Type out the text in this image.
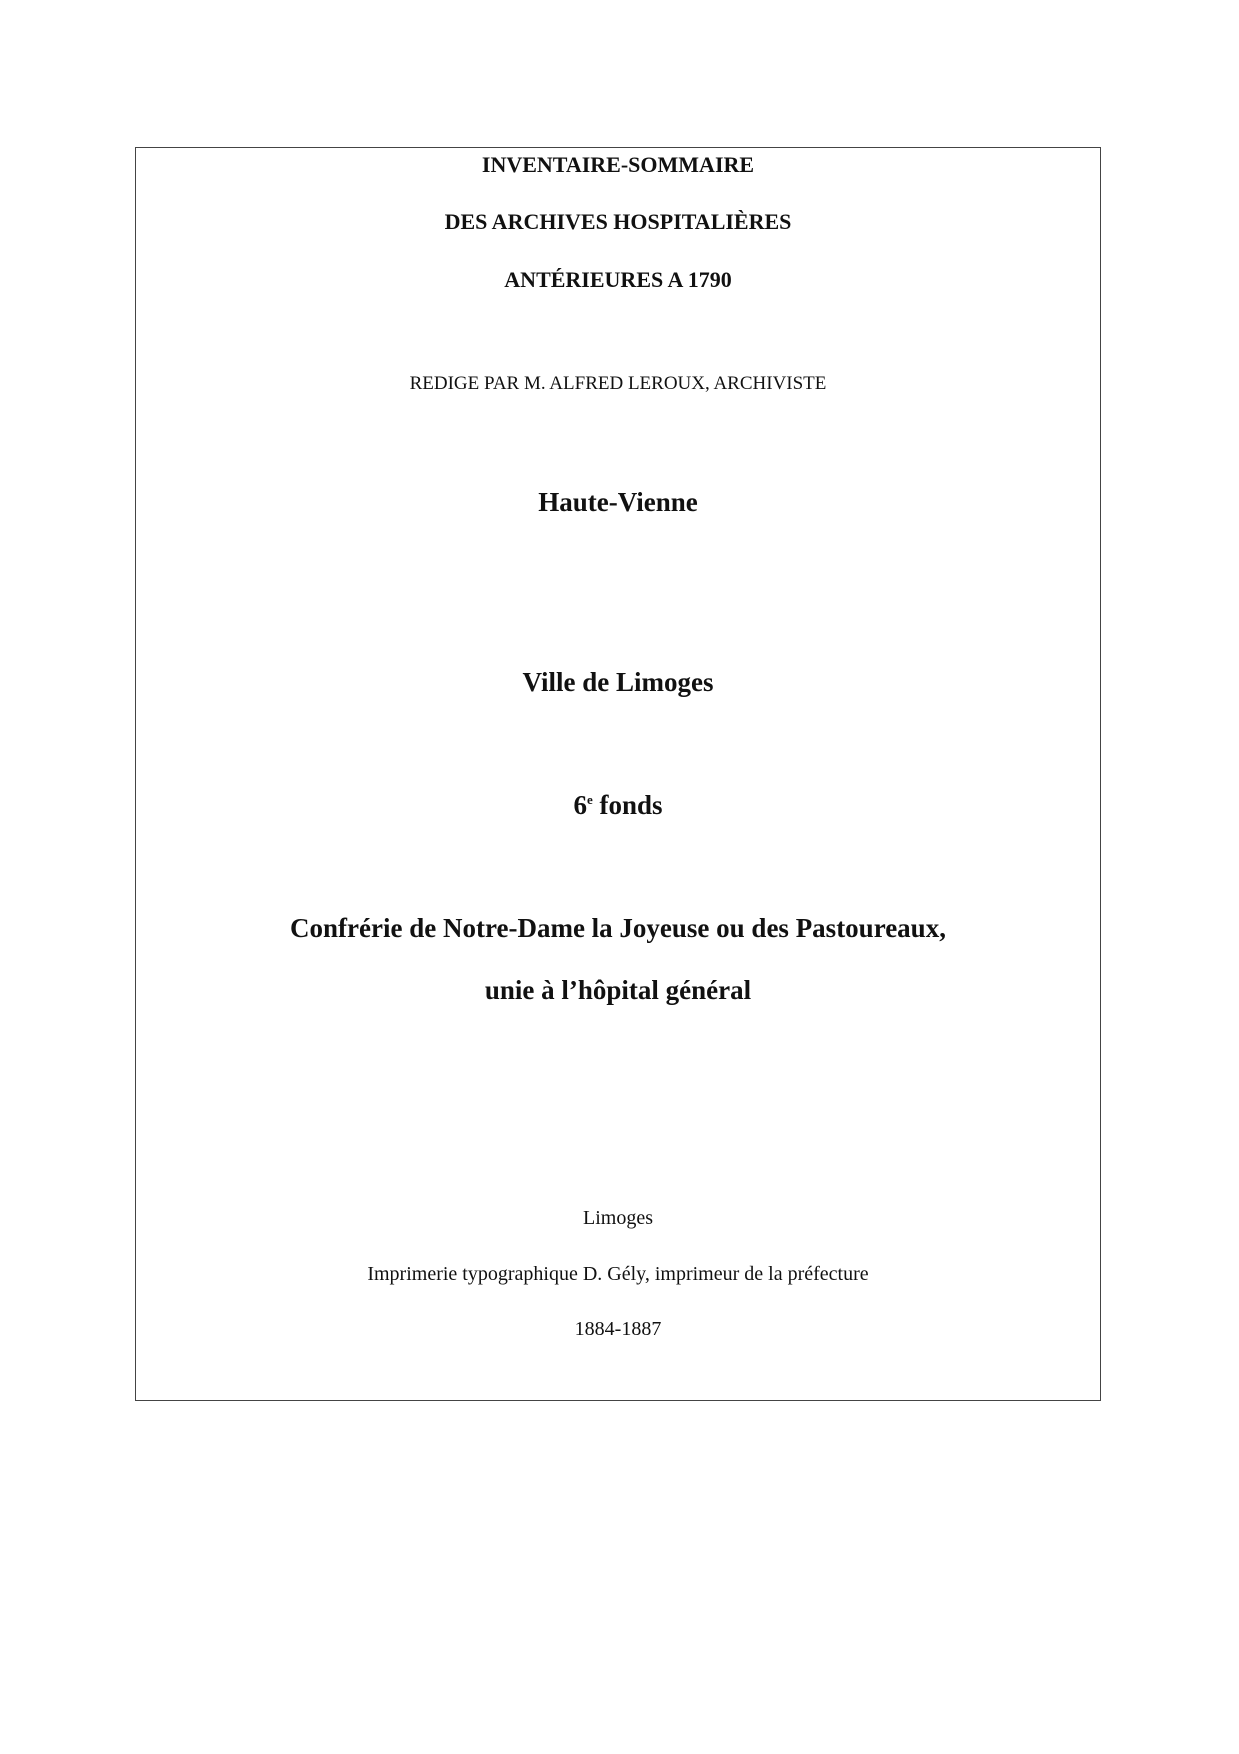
INVENTAIRE-SOMMAIRE
DES ARCHIVES HOSPITALIÈRES
ANTÉRIEURES A 1790
REDIGE PAR M. ALFRED LEROUX, ARCHIVISTE
Haute-Vienne
Ville de Limoges
6e fonds
Confrérie de Notre-Dame la Joyeuse ou des Pastoureaux,
unie à l’hôpital général
Limoges
Imprimerie typographique D. Gély, imprimeur de la préfecture
1884-1887
